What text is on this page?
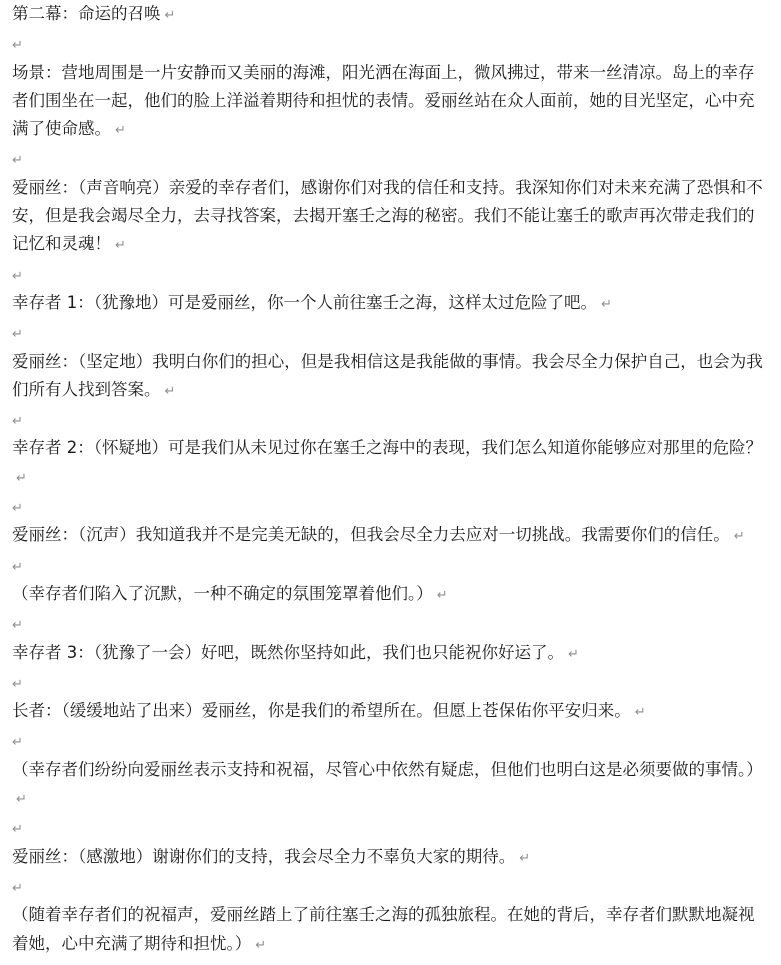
第二幕：命运的召唤 ↵
↵
场景：营地周围是一片安静而又美丽的海滩，阳光洒在海面上，微风拂过，带来一丝清凉。岛上的幸存者们围坐在一起，他们的脸上洋溢着期待和担忧的表情。爱丽丝站在众人面前，她的目光坚定，心中充满了使命感。 ↵
↵
爱丽丝：（声音响亮）亲爱的幸存者们，感谢你们对我的信任和支持。我深知你们对未来充满了恐惧和不安，但是我会竭尽全力，去寻找答案，去揭开塞壬之海的秘密。我们不能让塞壬的歌声再次带走我们的记忆和灵魂！ ↵
↵
幸存者 1：（犹豫地）可是爱丽丝，你一个人前往塞壬之海，这样太过危险了吧。 ↵
↵
爱丽丝：（坚定地）我明白你们的担心，但是我相信这是我能做的事情。我会尽全力保护自己，也会为我们所有人找到答案。 ↵
↵
幸存者 2：（怀疑地）可是我们从未见过你在塞壬之海中的表现，我们怎么知道你能够应对那里的危险？↵
↵
爱丽丝：（沉声）我知道我并不是完美无缺的，但我会尽全力去应对一切挑战。我需要你们的信任。 ↵
↵
（幸存者们陷入了沉默，一种不确定的氛围笼罩着他们。） ↵
↵
幸存者 3：（犹豫了一会）好吧，既然你坚持如此，我们也只能祝你好运了。 ↵
↵
长者：（缓缓地站了出来）爱丽丝，你是我们的希望所在。但愿上苍保佑你平安归来。 ↵
↵
（幸存者们纷纷向爱丽丝表示支持和祝福，尽管心中依然有疑虑，但他们也明白这是必须要做的事情。）↵
↵
爱丽丝：（感激地）谢谢你们的支持，我会尽全力不辜负大家的期待。 ↵
↵
（随着幸存者们的祝福声，爱丽丝踏上了前往塞壬之海的孤独旅程。在她的背后，幸存者们默默地凝视着她，心中充满了期待和担忧。） ↵
